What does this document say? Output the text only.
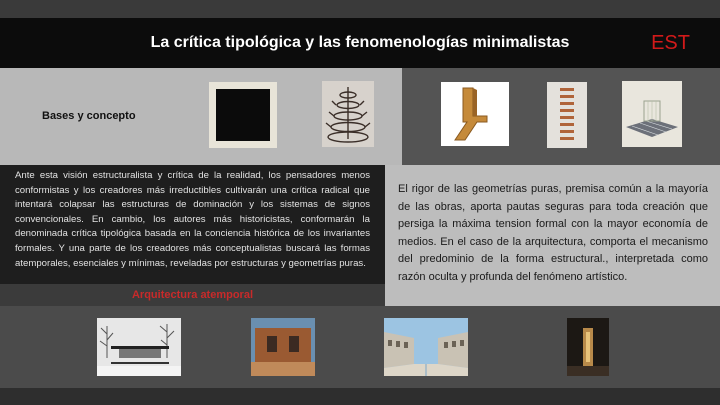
La crítica tipológica y las fenomenologías minimalistas	EST
Bases y concepto

Ante esta visión estructuralista y crítica de la realidad, los pensadores menos conformistas y los creadores más irreductibles cultivarán una crítica radical que intentará colapsar las estructuras de dominación y los sistemas de signos convencionales. En cambio, los autores más historicistas, conformarán la denominada crítica tipológica basada en la conciencia histórica de los invariantes formales. Y una parte de los creadores más conceptualistas buscará las formas atemporales, esenciales y mínimas, reveladas por estructuras y geometrías puras.

El rigor de las geometrías puras, premisa común a la mayoría de las obras, aporta pautas seguras para toda creación que persiga la máxima tension formal con la mayor economía de medios. En el caso de la arquitectura, comporta el mecanismo del predominio de la forma estructural., interpretada como razón oculta y profunda del fenómeno artístico.

Arquitectura atemporal
